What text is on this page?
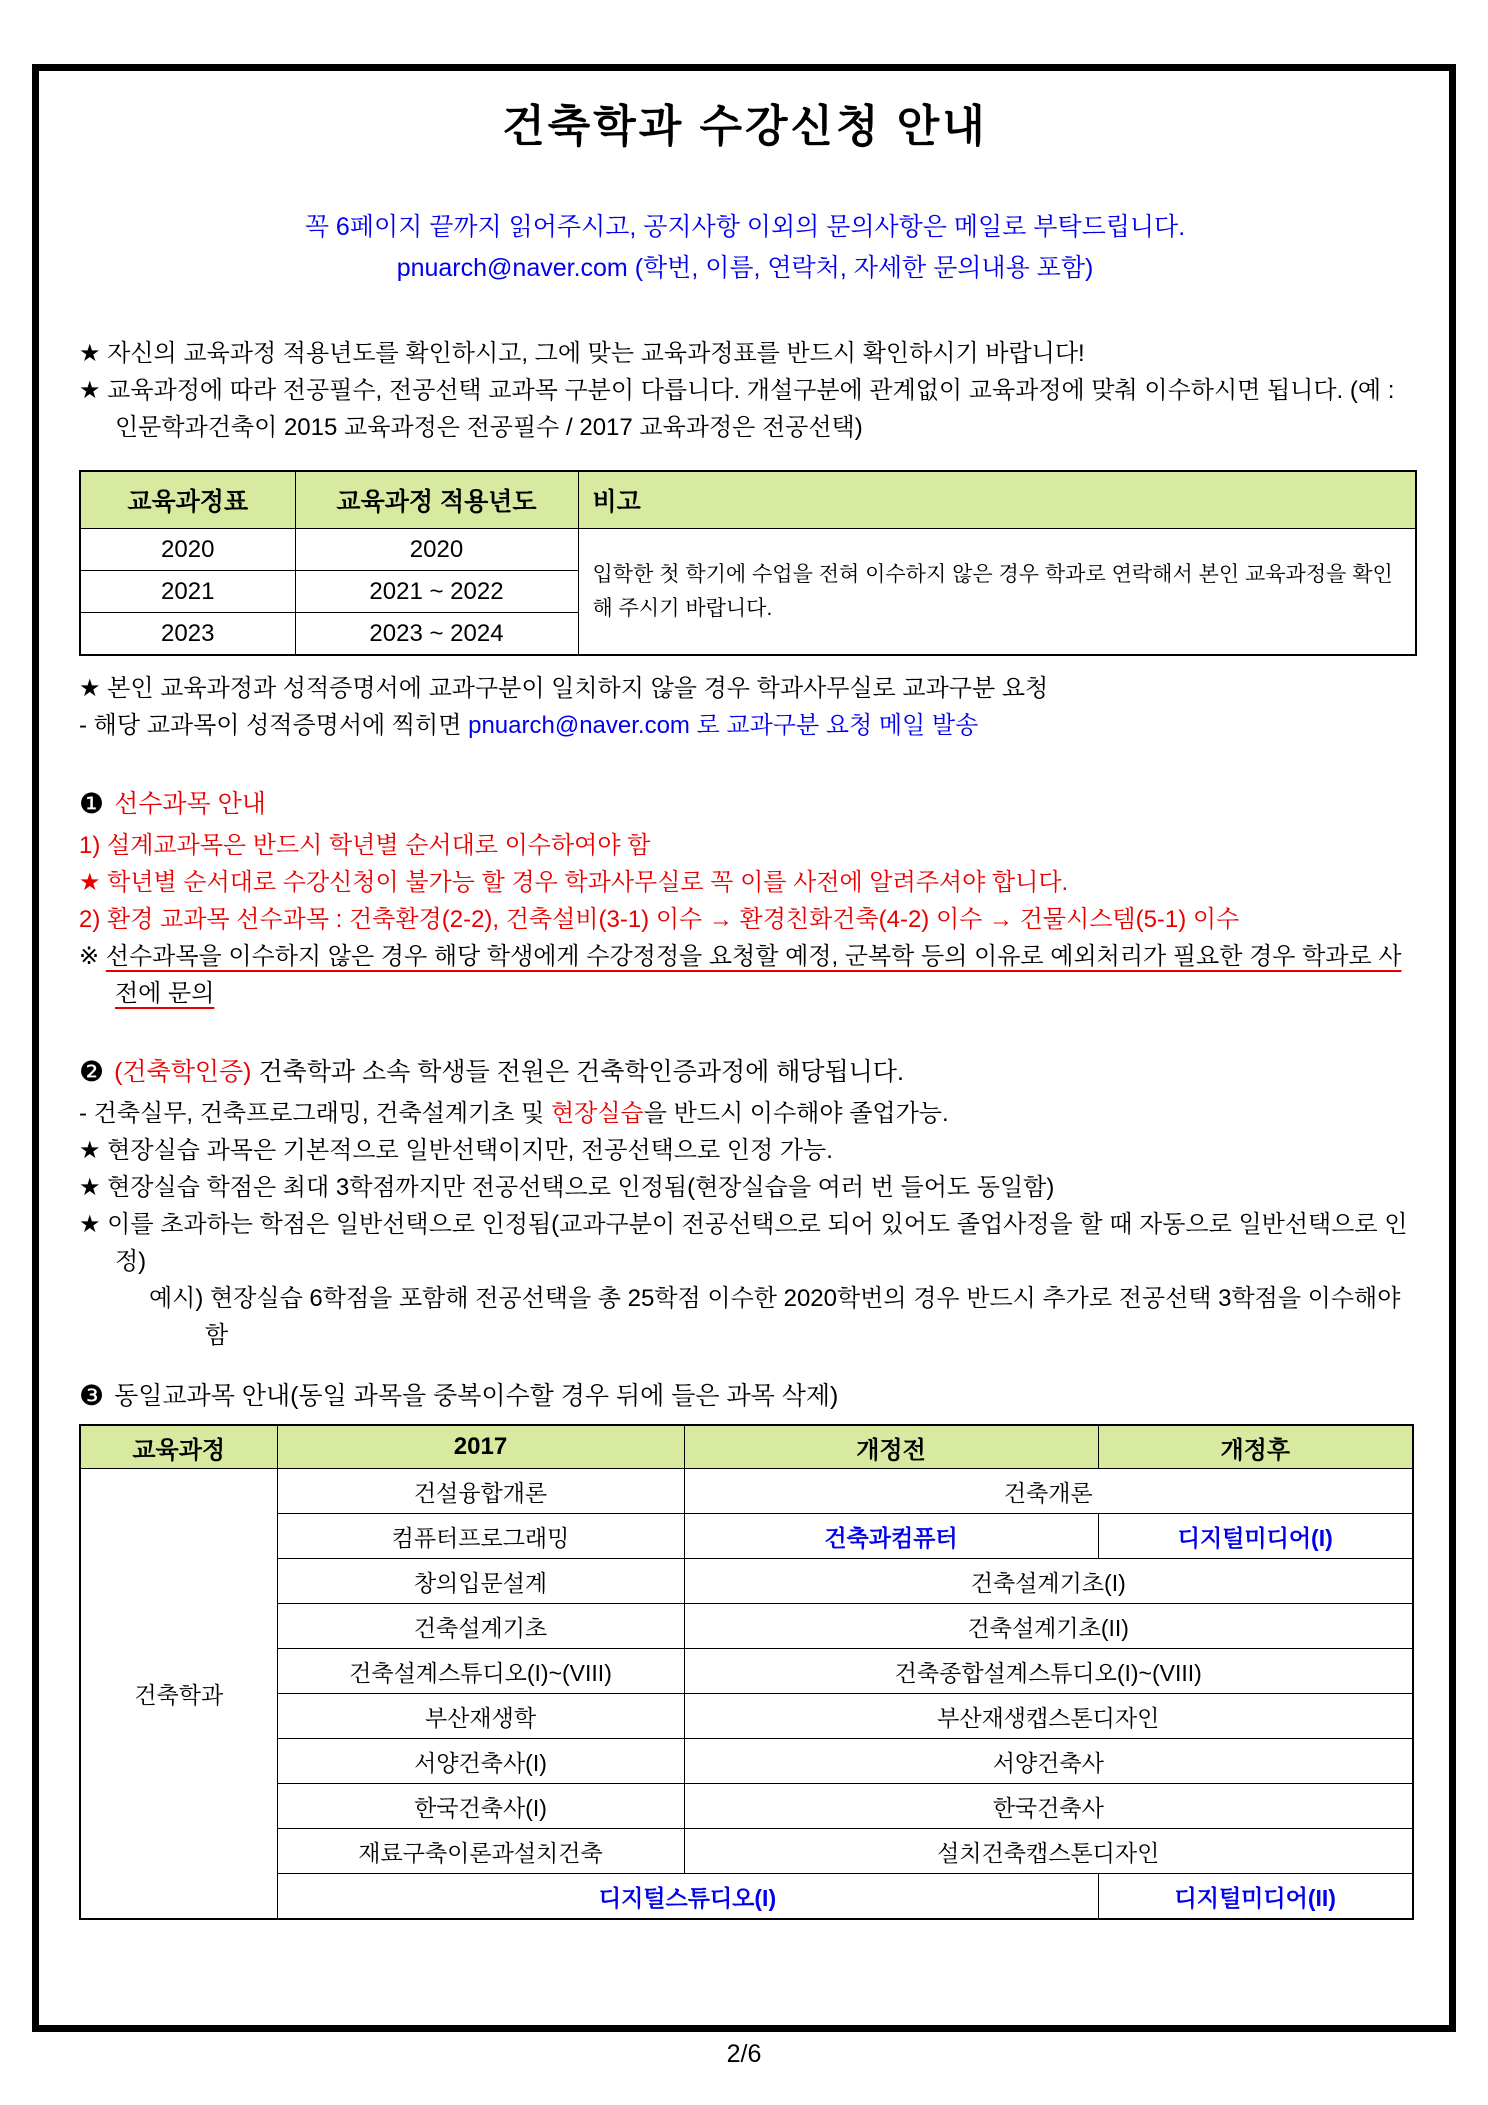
건축학과 수강신청 안내
꼭 6페이지 끝까지 읽어주시고, 공지사항 이외의 문의사항은 메일로 부탁드립니다.
pnuarch@naver.com (학번, 이름, 연락처, 자세한 문의내용 포함)

★ 자신의 교육과정 적용년도를 확인하시고, 그에 맞는 교육과정표를 반드시 확인하시기 바랍니다!

★ 교육과정에 따라 전공필수, 전공선택 교과목 구분이 다릅니다. 개설구분에 관계없이 교육과정에 맞춰 이수하시면 됩니다. (예 : 인문학과건축이 2015 교육과정은 전공필수 / 2017 교육과정은 전공선택)

교육과정표	교육과정 적용년도	비고
2020	2020	입학한 첫 학기에 수업을 전혀 이수하지 않은 경우 학과로 연락해서 본인 교육과정을 확인해 주시기 바랍니다.
2021	2021 ~ 2022	
2023	2023 ~ 2024	

★ 본인 교육과정과 성적증명서에 교과구분이 일치하지 않을 경우 학과사무실로 교과구분 요청

- 해당 교과목이 성적증명서에 찍히면 pnuarch@naver.com 로 교과구분 요청 메일 발송

❶ 선수과목 안내

1) 설계교과목은 반드시 학년별 순서대로 이수하여야 함

★ 학년별 순서대로 수강신청이 불가능 할 경우 학과사무실로 꼭 이를 사전에 알려주셔야 합니다.

2) 환경 교과목 선수과목 : 건축환경(2-2), 건축설비(3-1) 이수 → 환경친화건축(4-2) 이수 → 건물시스템(5-1) 이수

※ 선수과목을 이수하지 않은 경우 해당 학생에게 수강정정을 요청할 예정, 군복학 등의 이유로 예외처리가 필요한 경우 학과로 사전에 문의

❷ (건축학인증) 건축학과 소속 학생들 전원은 건축학인증과정에 해당됩니다.

- 건축실무, 건축프로그래밍, 건축설계기초 및 현장실습을 반드시 이수해야 졸업가능.

★ 현장실습 과목은 기본적으로 일반선택이지만, 전공선택으로 인정 가능.

★ 현장실습 학점은 최대 3학점까지만 전공선택으로 인정됨(현장실습을 여러 번 들어도 동일함)

★ 이를 초과하는 학점은 일반선택으로 인정됨(교과구분이 전공선택으로 되어 있어도 졸업사정을 할 때 자동으로 일반선택으로 인정)

예시) 현장실습 6학점을 포함해 전공선택을 총 25학점 이수한 2020학번의 경우 반드시 추가로 전공선택 3학점을 이수해야 함

❸ 동일교과목 안내(동일 과목을 중복이수할 경우 뒤에 들은 과목 삭제)

교육과정	2017	개정전	개정후
건축학과	건설융합개론	건축개론	
	컴퓨터프로그래밍	건축과컴퓨터	디지털미디어(I)
	창의입문설계	건축설계기초(I)	
	건축설계기초	건축설계기초(II)	
	건축설계스튜디오(I)~(VIII)	건축종합설계스튜디오(I)~(VIII)	
	부산재생학	부산재생캡스톤디자인	
	서양건축사(I)	서양건축사	
	한국건축사(I)	한국건축사	
	재료구축이론과설치건축	설치건축캡스톤디자인	
	디지털스튜디오(I)		디지털미디어(II)
2/6
